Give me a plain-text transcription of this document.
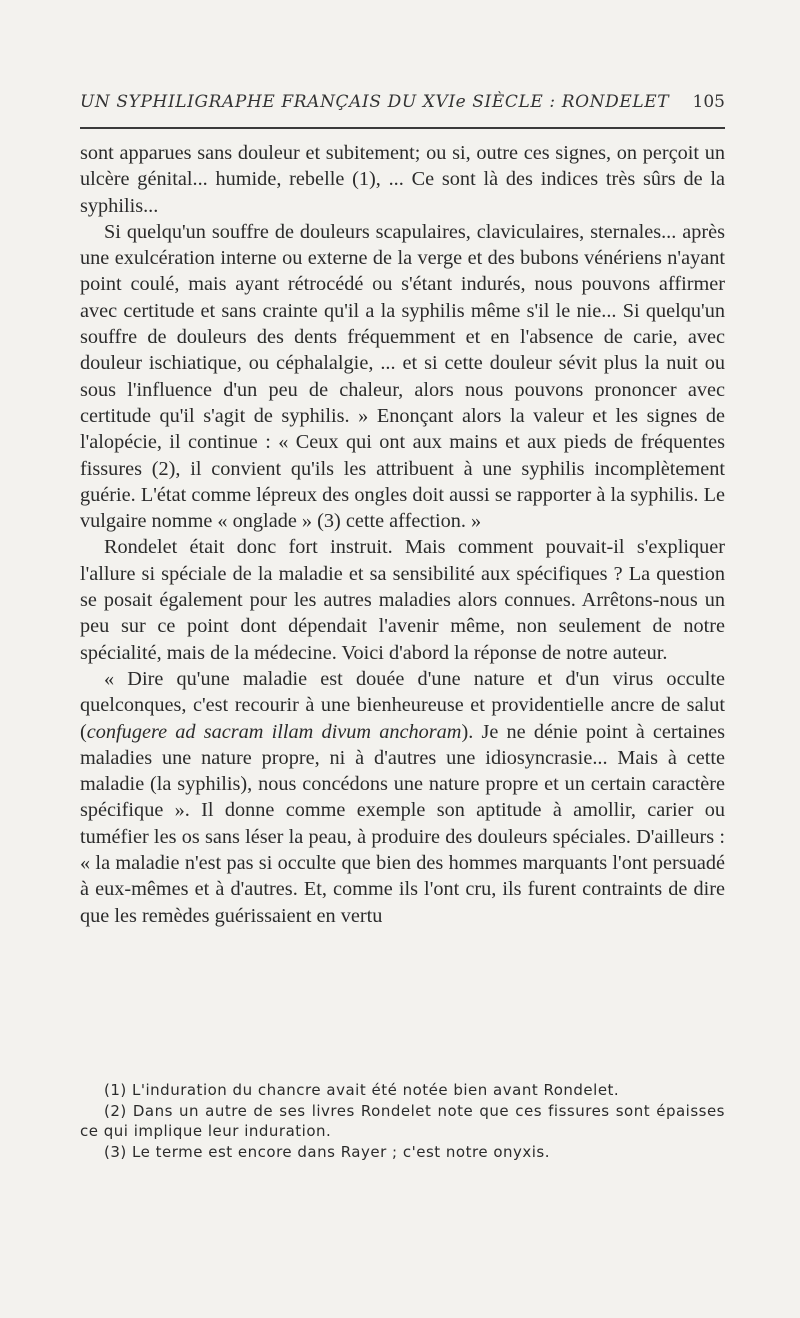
UN SYPHILIGRAPHE FRANÇAIS DU XVIe SIÈCLE : RONDELET 105

sont apparues sans douleur et subitement; ou si, outre ces signes, on perçoit un ulcère génital... humide, rebelle (1), ... Ce sont là des indices très sûrs de la syphilis...

Si quelqu'un souffre de douleurs scapulaires, claviculaires, sternales... après une exulcération interne ou externe de la verge et des bubons vénériens n'ayant point coulé, mais ayant rétrocédé ou s'étant indurés, nous pouvons affirmer avec certitude et sans crainte qu'il a la syphilis même s'il le nie... Si quelqu'un souffre de douleurs des dents fréquemment et en l'absence de carie, avec douleur ischiatique, ou céphalalgie, ... et si cette douleur sévit plus la nuit ou sous l'influence d'un peu de chaleur, alors nous pouvons prononcer avec certitude qu'il s'agit de syphilis. » Enonçant alors la valeur et les signes de l'alopécie, il continue : « Ceux qui ont aux mains et aux pieds de fréquentes fissures (2), il convient qu'ils les attribuent à une syphilis incomplètement guérie. L'état comme lépreux des ongles doit aussi se rapporter à la syphilis. Le vulgaire nomme « onglade » (3) cette affection. »

Rondelet était donc fort instruit. Mais comment pouvait-il s'expliquer l'allure si spéciale de la maladie et sa sensibilité aux spécifiques ? La question se posait également pour les autres maladies alors connues. Arrêtons-nous un peu sur ce point dont dépendait l'avenir même, non seulement de notre spécialité, mais de la médecine. Voici d'abord la réponse de notre auteur.

« Dire qu'une maladie est douée d'une nature et d'un virus occulte quelconques, c'est recourir à une bienheureuse et providentielle ancre de salut (confugere ad sacram illam divum anchoram). Je ne dénie point à certaines maladies une nature propre, ni à d'autres une idiosyncrasie... Mais à cette maladie (la syphilis), nous concédons une nature propre et un certain caractère spécifique ». Il donne comme exemple son aptitude à amollir, carier ou tuméfier les os sans léser la peau, à produire des douleurs spéciales. D'ailleurs : « la maladie n'est pas si occulte que bien des hommes marquants l'ont persuadé à eux-mêmes et à d'autres. Et, comme ils l'ont cru, ils furent contraints de dire que les remèdes guérissaient en vertu

(1) L'induration du chancre avait été notée bien avant Rondelet.

(2) Dans un autre de ses livres Rondelet note que ces fissures sont épaisses ce qui implique leur induration.

(3) Le terme est encore dans Rayer ; c'est notre onyxis.
